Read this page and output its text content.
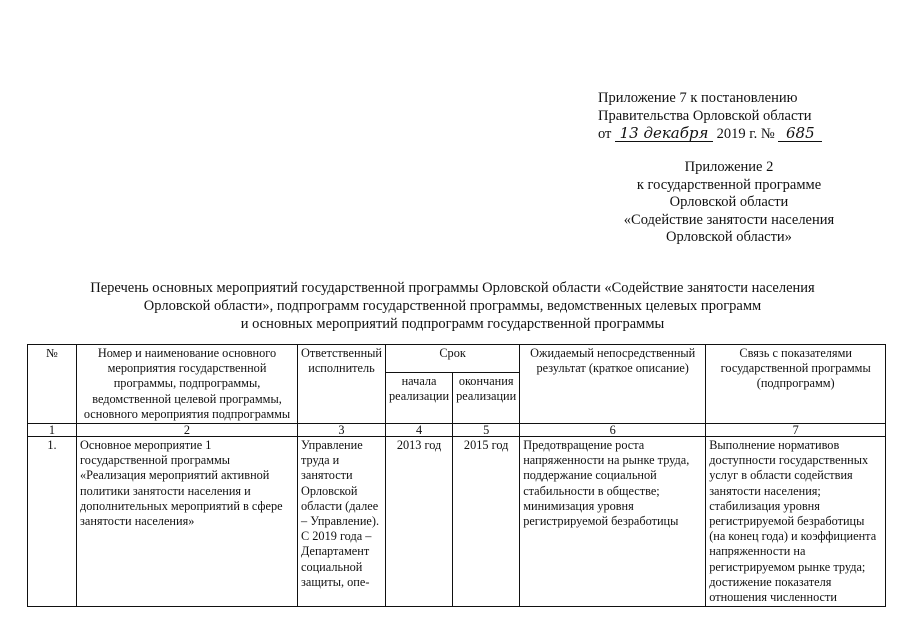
Приложение 7 к постановлению
Правительства Орловской области
от 13 декабря 2019 г. № 685
Приложение 2
к государственной программе
Орловской области
«Содействие занятости населения
Орловской области»
Перечень основных мероприятий государственной программы Орловской области «Содействие занятости населения
Орловской области», подпрограмм государственной программы, ведомственных целевых программ
и основных мероприятий подпрограмм государственной программы
№	Номер и наименование основного мероприятия государственной программы, подпрограммы, ведомственной целевой программы, основного мероприятия подпрограммы	Ответственный исполнитель	Срок		Ожидаемый непосредственный результат (краткое описание)	Связь с показателями государственной программы (подпрограмм)
			начала реализации	окончания реализации		
1	2	3	4	5	6	7
1.	Основное мероприятие 1 государственной программы «Реализация мероприятий активной политики занятости населения и дополнительных мероприятий в сфере занятости населения»	Управление труда и занятости Орловской области (далее – Управление). С 2019 года – Департамент социальной защиты, опе-	2013 год	2015 год	Предотвращение роста напряженности на рынке труда, поддержание социальной стабильности в обществе; минимизация уровня регистрируемой безработицы	Выполнение нормативов доступности государственных услуг в области содействия занятости населения; стабилизация уровня регистрируемой безработицы (на конец года) и коэффициента напряженности на регистрируемом рынке труда; достижение показателя отношения численности
